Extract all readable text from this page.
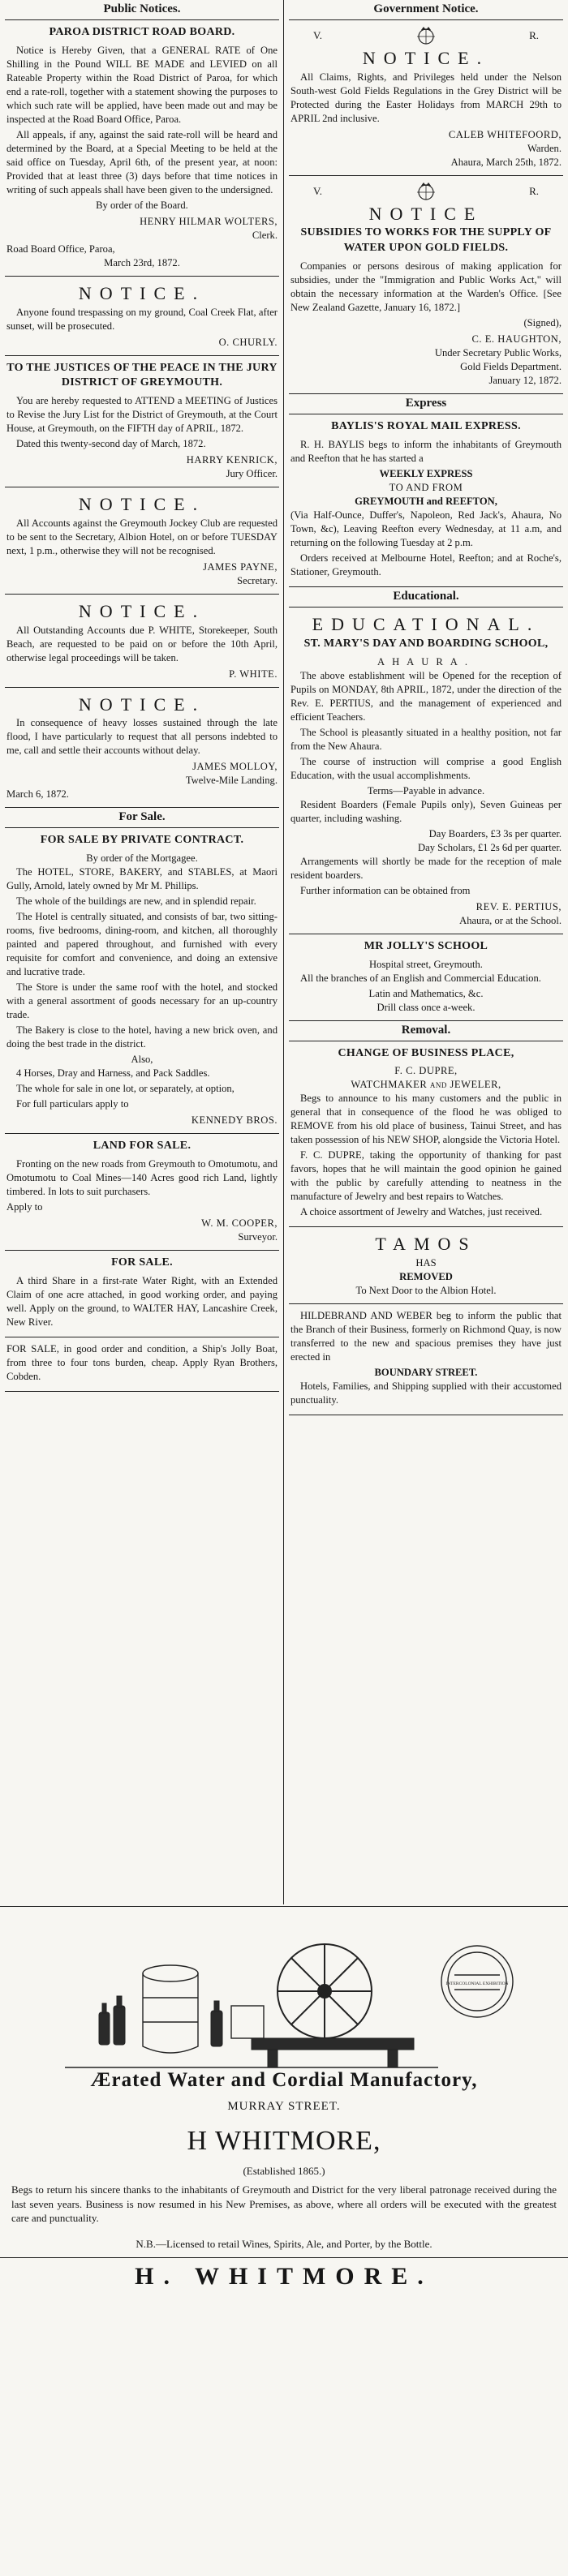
Public Notices.
PAROA DISTRICT ROAD BOARD.

Notice is Hereby Given, that a GENERAL RATE of One Shilling in the Pound WILL BE MADE and LEVIED on all Rateable Property within the Road District of Paroa, for which end a rate-roll, together with a statement showing the purposes to which such rate will be applied, have been made out and may be inspected at the Road Board Office, Paroa.

All appeals, if any, against the said rate-roll will be heard and determined by the Board, at a Special Meeting to be held at the said office on Tuesday, April 6th, of the present year, at noon: Provided that at least three (3) days before that time notices in writing of such appeals shall have been given to the undersigned.

By order of the Board.
HENRY HILMAR WOLTERS,
Clerk.
Road Board Office, Paroa,
March 23rd, 1872.
NOTICE.

Anyone found trespassing on my ground, Coal Creek Flat, after sunset, will be prosecuted.

O. CHURLY.
TO THE JUSTICES OF THE PEACE IN THE JURY DISTRICT OF GREYMOUTH.

You are hereby requested to ATTEND a MEETING of Justices to Revise the Jury List for the District of Greymouth, at the Court House, at Greymouth, on the FIFTH day of APRIL, 1872.

Dated this twenty-second day of March, 1872.

HARRY KENRICK,
Jury Officer.
NOTICE.

All Accounts against the Greymouth Jockey Club are requested to be sent to the Secretary, Albion Hotel, on or before TUESDAY next, 1 p.m., otherwise they will not be recognised.

JAMES PAYNE,
Secretary.
NOTICE.

All Outstanding Accounts due P. WHITE, Storekeeper, South Beach, are requested to be paid on or before the 10th April, otherwise legal proceedings will be taken.

P. WHITE.
NOTICE.

In consequence of heavy losses sustained through the late flood, I have particularly to request that all persons indebted to me, call and settle their accounts without delay.

JAMES MOLLOY,
Twelve-Mile Landing.
March 6, 1872.
For Sale.
FOR SALE BY PRIVATE CONTRACT.
By order of the Mortgagee.

The HOTEL, STORE, BAKERY, and STABLES, at Maori Gully, Arnold, lately owned by Mr M. Phillips.

The whole of the buildings are new, and in splendid repair.

The Hotel is centrally situated, and consists of bar, two sitting-rooms, five bedrooms, dining-room, and kitchen, all thoroughly painted and papered throughout, and furnished with every requisite for comfort and convenience, and doing an extensive and lucrative trade.

The Store is under the same roof with the hotel, and stocked with a general assortment of goods necessary for an up-country trade.

The Bakery is close to the hotel, having a new brick oven, and doing the best trade in the district.

Also,

4 Horses, Dray and Harness, and Pack Saddles.

The whole for sale in one lot, or separately, at option,

For full particulars apply to

KENNEDY BROS.
LAND FOR SALE.

Fronting on the new roads from Greymouth to Omotumotu, and Omotumotu to Coal Mines—140 Acres good rich Land, lightly timbered. In lots to suit purchasers.

Apply to
W. M. COOPER,
Surveyor.
FOR SALE.

A third Share in a first-rate Water Right, with an Extended Claim of one acre attached, in good working order, and paying well. Apply on the ground, to WALTER HAY, Lancashire Creek, New River.

FOR SALE, in good order and condition, a Ship's Jolly Boat, from three to four tons burden, cheap. Apply Ryan Brothers, Cobden.

Government Notice.
V.	R.
NOTICE.

All Claims, Rights, and Privileges held under the Nelson South-west Gold Fields Regulations in the Grey District will be Protected during the Easter Holidays from MARCH 29th to APRIL 2nd inclusive.

CALEB WHITEFOORD,
Warden.
Ahaura, March 25th, 1872.
V.	R.
NOTICE
SUBSIDIES TO WORKS FOR THE SUPPLY OF WATER UPON GOLD FIELDS.

Companies or persons desirous of making application for subsidies, under the "Immigration and Public Works Act," will obtain the necessary information at the Warden's Office. [See New Zealand Gazette, January 16, 1872.]

(Signed),
C. E. HAUGHTON,
Under Secretary Public Works,
Gold Fields Department.
January 12, 1872.
Express
BAYLIS'S ROYAL MAIL EXPRESS.

R. H. BAYLIS begs to inform the inhabitants of Greymouth and Reefton that he has started a

WEEKLY EXPRESS
TO AND FROM
GREYMOUTH and REEFTON,

(Via Half-Ounce, Duffer's, Napoleon, Red Jack's, Ahaura, No Town, &c), Leaving Reefton every Wednesday, at 11 a.m, and returning on the following Tuesday at 2 p.m.

Orders received at Melbourne Hotel, Reefton; and at Roche's, Stationer, Greymouth.

Educational.
EDUCATIONAL.
ST. MARY'S DAY AND BOARDING SCHOOL,
AHAURA.

The above establishment will be Opened for the reception of Pupils on MONDAY, 8th APRIL, 1872, under the direction of the Rev. E. PERTIUS, and the management of experienced and efficient Teachers.

The School is pleasantly situated in a healthy position, not far from the New Ahaura.

The course of instruction will comprise a good English Education, with the usual accomplishments.

Terms—Payable in advance.

Resident Boarders (Female Pupils only), Seven Guineas per quarter, including washing.

Day Boarders, £3 3s per quarter.
Day Scholars, £1 2s 6d per quarter.

Arrangements will shortly be made for the reception of male resident boarders.

Further information can be obtained from

REV. E. PERTIUS,
Ahaura, or at the School.
MR JOLLY'S SCHOOL
Hospital street, Greymouth.

All the branches of an English and Commercial Education.

Latin and Mathematics, &c.
Drill class once a-week.
Removal.
CHANGE OF BUSINESS PLACE,
F. C. DUPRE,
WATCHMAKER and JEWELER,

Begs to announce to his many customers and the public in general that in consequence of the flood he was obliged to REMOVE from his old place of business, Tainui Street, and has taken possession of his NEW SHOP, alongside the Victoria Hotel.

F. C. DUPRE, taking the opportunity of thanking for past favors, hopes that he will maintain the good opinion he gained with the public by carefully attending to neatness in the manufacture of Jewelry and best repairs to Watches.

A choice assortment of Jewelry and Watches, just received.

TAMOS
HAS
REMOVED
To Next Door to the Albion Hotel.

HILDEBRAND AND WEBER beg to inform the public that the Branch of their Business, formerly on Richmond Quay, is now transferred to the new and spacious premises they have just erected in

BOUNDARY STREET.

Hotels, Families, and Shipping supplied with their accustomed punctuality.

INTERCOLONIAL EXHIBITION
Ærated Water and Cordial Manufactory,
MURRAY STREET.
H WHITMORE,
(Established 1865.)
Begs to return his sincere thanks to the inhabitants of Greymouth and District for the very liberal patronage received during the last seven years. Business is now resumed in his New Premises, as above, where all orders will be executed with the greatest care and punctuality.
N.B.—Licensed to retail Wines, Spirits, Ale, and Porter, by the Bottle.
H. WHITMORE.
